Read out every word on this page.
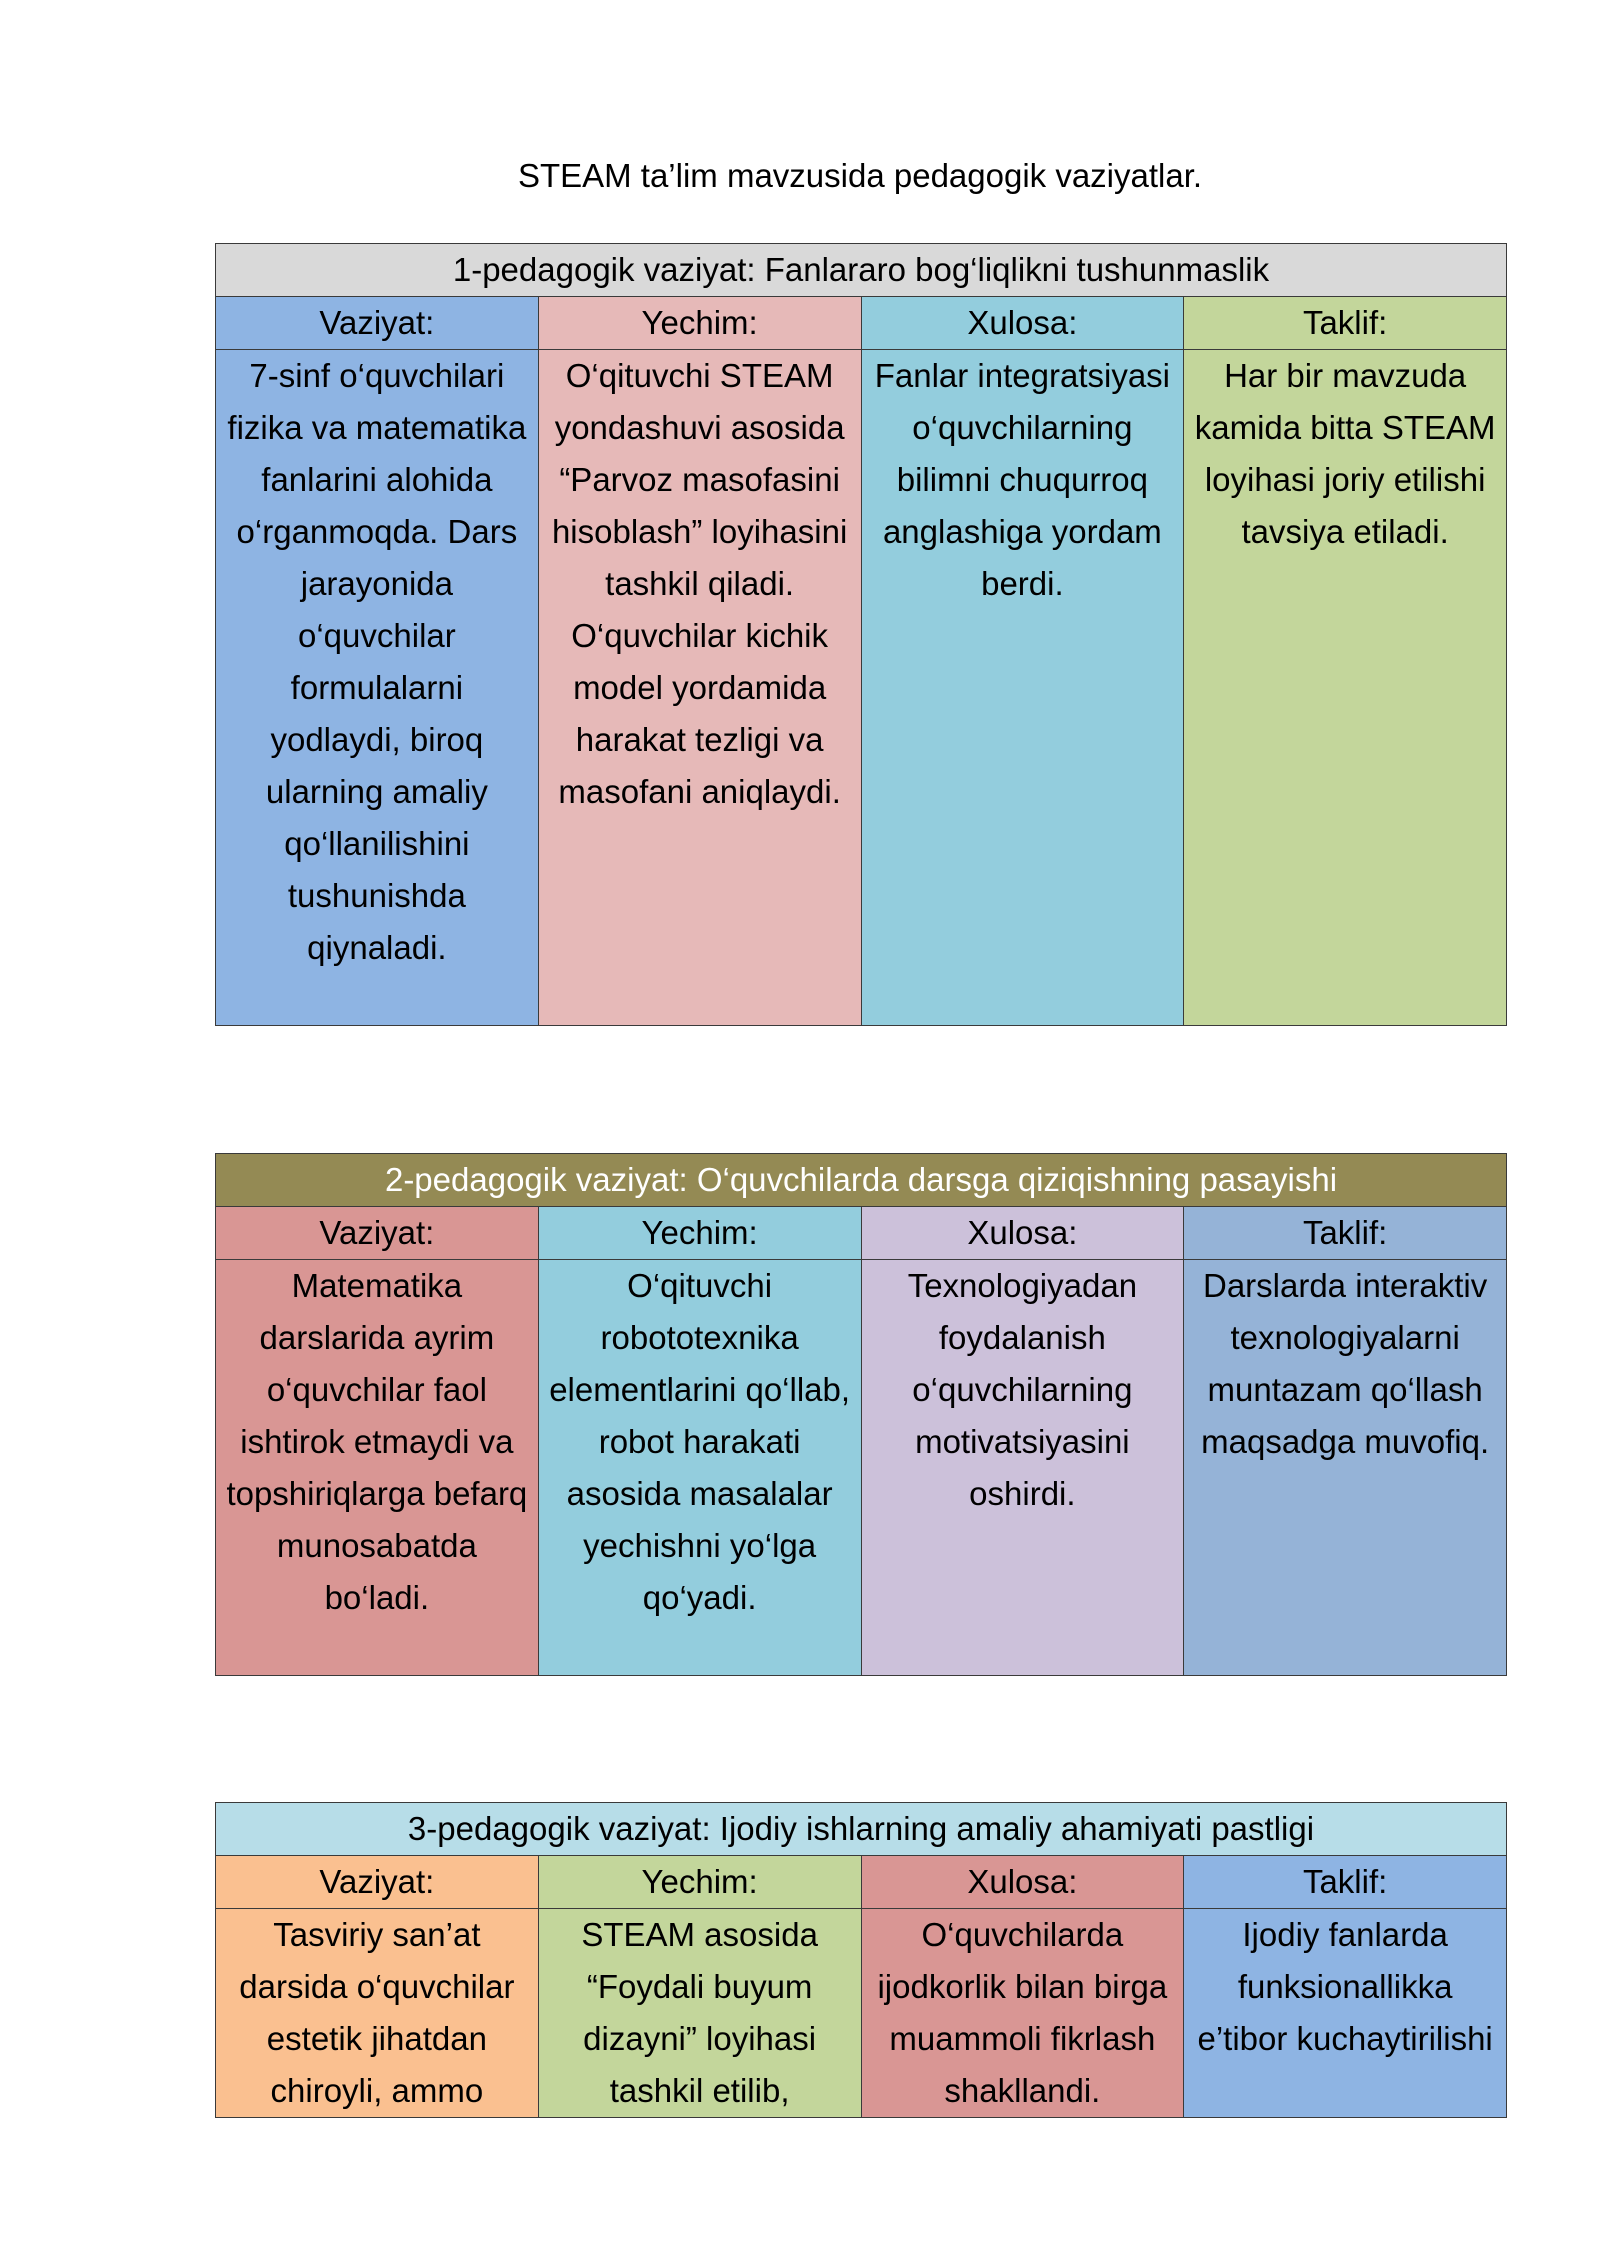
STEAM ta’lim mavzusida pedagogik vaziyatlar.
1-pedagogik vaziyat: Fanlararo bog‘liqlikni tushunmaslik			
Vaziyat:	Yechim:	Xulosa:	Taklif:
7-sinf o‘quvchilari fizika va matematika fanlarini alohida o‘rganmoqda. Dars jarayonida o‘quvchilar formulalarni yodlaydi, biroq ularning amaliy qo‘llanilishini tushunishda qiynaladi.	O‘qituvchi STEAM yondashuvi asosida “Parvoz masofasini hisoblash” loyihasini tashkil qiladi. O‘quvchilar kichik model yordamida harakat tezligi va masofani aniqlaydi.	Fanlar integratsiyasi o‘quvchilarning bilimni chuqurroq anglashiga yordam berdi.	Har bir mavzuda kamida bitta STEAM loyihasi joriy etilishi tavsiya etiladi.
2-pedagogik vaziyat: O‘quvchilarda darsga qiziqishning pasayishi			
Vaziyat:	Yechim:	Xulosa:	Taklif:
Matematika darslarida ayrim o‘quvchilar faol ishtirok etmaydi va topshiriqlarga befarq munosabatda bo‘ladi.	O‘qituvchi robototexnika elementlarini qo‘llab, robot harakati asosida masalalar yechishni yo‘lga qo‘yadi.	Texnologiyadan foydalanish o‘quvchilarning motivatsiyasini oshirdi.	Darslarda interaktiv texnologiyalarni muntazam qo‘llash maqsadga muvofiq.
3-pedagogik vaziyat: Ijodiy ishlarning amaliy ahamiyati pastligi			
Vaziyat:	Yechim:	Xulosa:	Taklif:
Tasviriy san’at darsida o‘quvchilar estetik jihatdan chiroyli, ammo	STEAM asosida “Foydali buyum dizayni” loyihasi tashkil etilib,	O‘quvchilarda ijodkorlik bilan birga muammoli fikrlash shakllandi.	Ijodiy fanlarda funksionallikka e’tibor kuchaytirilishi
